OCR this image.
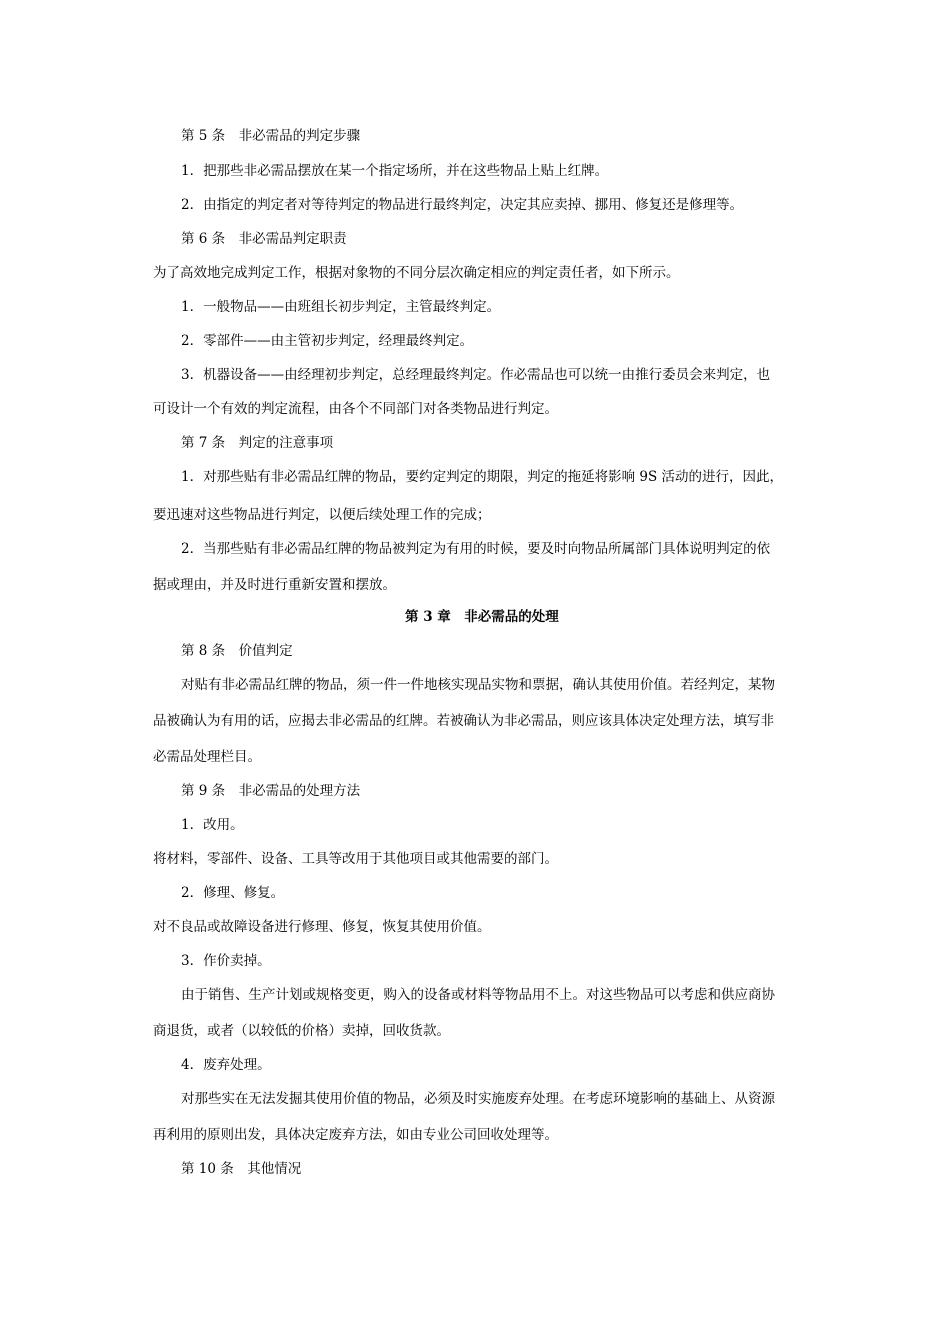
第 5 条　非必需品的判定步骤
1．把那些非必需品摆放在某一个指定场所，并在这些物品上贴上红牌。
2．由指定的判定者对等待判定的物品进行最终判定，决定其应卖掉、挪用、修复还是修理等。
第 6 条　非必需品判定职责
为了高效地完成判定工作，根据对象物的不同分层次确定相应的判定责任者，如下所示。
1．一般物品——由班组长初步判定，主管最终判定。
2．零部件——由主管初步判定，经理最终判定。
3．机器设备——由经理初步判定，总经理最终判定。作必需品也可以统一由推行委员会来判定，也
可设计一个有效的判定流程，由各个不同部门对各类物品进行判定。
第 7 条　判定的注意事项
1．对那些贴有非必需品红牌的物品，要约定判定的期限，判定的拖延将影响 9S 活动的进行，因此，
要迅速对这些物品进行判定，以便后续处理工作的完成；
2．当那些贴有非必需品红牌的物品被判定为有用的时候，要及时向物品所属部门具体说明判定的依
据或理由，并及时进行重新安置和摆放。
第 3 章　非必需品的处理
第 8 条　价值判定
对贴有非必需品红牌的物品，须一件一件地核实现品实物和票据，确认其使用价值。若经判定，某物
品被确认为有用的话，应揭去非必需品的红牌。若被确认为非必需品，则应该具体决定处理方法，填写非
必需品处理栏目。
第 9 条　非必需品的处理方法
1．改用。
将材料，零部件、设备、工具等改用于其他项目或其他需要的部门。
2．修理、修复。
对不良品或故障设备进行修理、修复，恢复其使用价值。
3．作价卖掉。
由于销售、生产计划或规格变更，购入的设备或材料等物品用不上。对这些物品可以考虑和供应商协
商退货，或者（以较低的价格）卖掉，回收货款。
4．废弃处理。
对那些实在无法发掘其使用价值的物品，必须及时实施废弃处理。在考虑环境影响的基础上、从资源
再利用的原则出发，具体决定废弃方法，如由专业公司回收处理等。
第 10 条　其他情况
